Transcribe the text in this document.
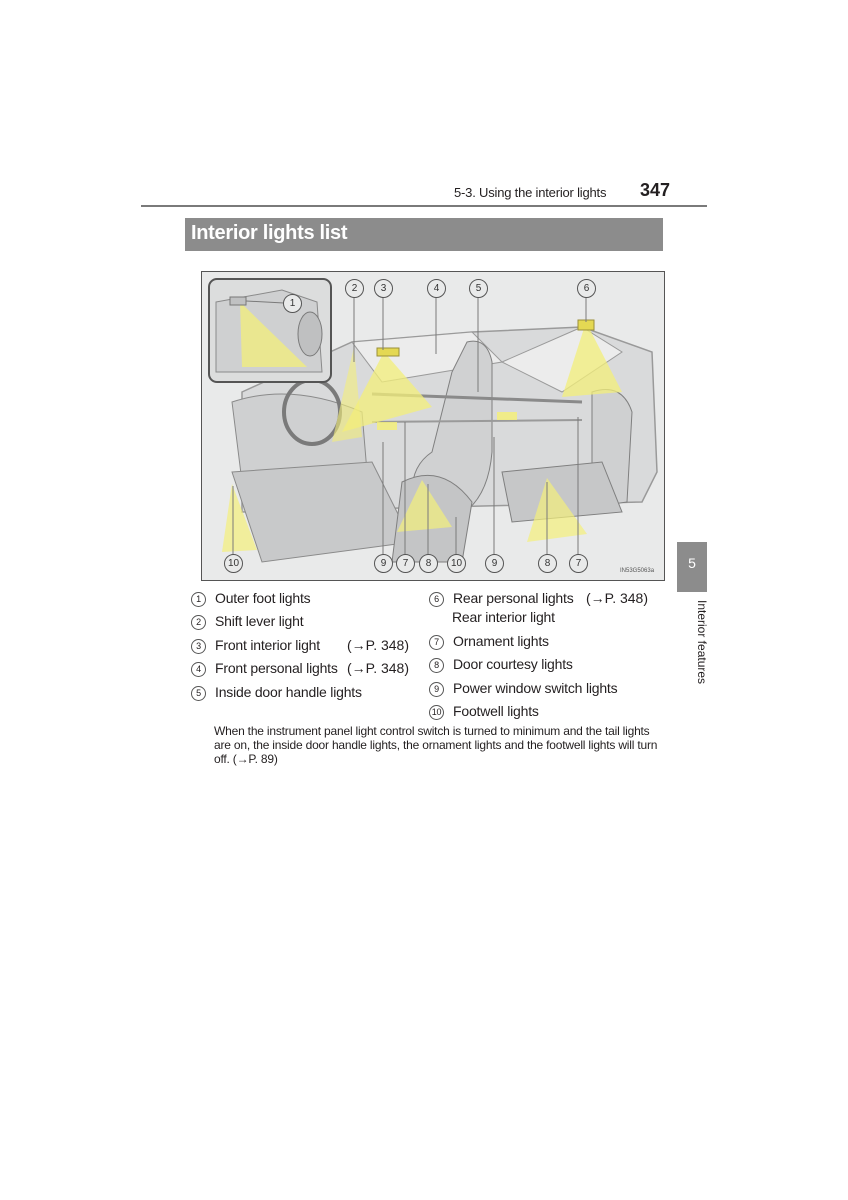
5-3. Using the interior lights 347
Interior lights list
2	3	4	5	6
1
10	9	7	8	10	9	8	7
IN53G5063a
1 Outer foot lights
2 Shift lever light
3 Front interior light (→P. 348)
4 Front personal lights (→P. 348)
5 Inside door handle lights
6 Rear personal lights (→P. 348)
Rear interior light
7 Ornament lights
8 Door courtesy lights
9 Power window switch lights
10 Footwell lights
When the instrument panel light control switch is turned to minimum and the tail lights are on, the inside door handle lights, the ornament lights and the footwell lights will turn off. (→P. 89)
5
Interior features
